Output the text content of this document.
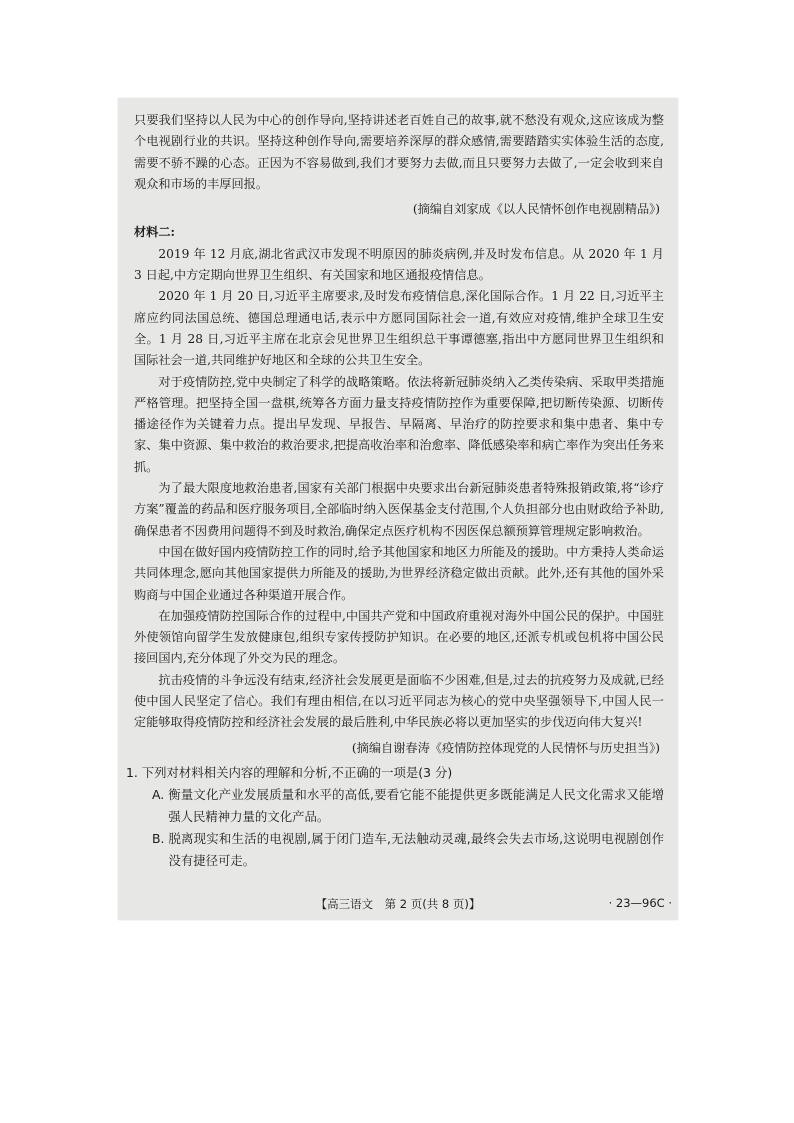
只要我们坚持以人民为中心的创作导向,坚持讲述老百姓自己的故事,就不愁没有观众,这应该成为整个电视剧行业的共识。坚持这种创作导向,需要培养深厚的群众感情,需要踏踏实实体验生活的态度,需要不骄不躁的心态。正因为不容易做到,我们才要努力去做,而且只要努力去做了,一定会收到来自观众和市场的丰厚回报。

(摘编自刘家成《以人民情怀创作电视剧精品》)

材料二:

2019 年 12 月底,湖北省武汉市发现不明原因的肺炎病例,并及时发布信息。从 2020 年 1 月 3 日起,中方定期向世界卫生组织、有关国家和地区通报疫情信息。

2020 年 1 月 20 日,习近平主席要求,及时发布疫情信息,深化国际合作。1 月 22 日,习近平主席应约同法国总统、德国总理通电话,表示中方愿同国际社会一道,有效应对疫情,维护全球卫生安全。1 月 28 日,习近平主席在北京会见世界卫生组织总干事谭德塞,指出中方愿同世界卫生组织和国际社会一道,共同维护好地区和全球的公共卫生安全。

对于疫情防控,党中央制定了科学的战略策略。依法将新冠肺炎纳入乙类传染病、采取甲类措施严格管理。把坚持全国一盘棋,统筹各方面力量支持疫情防控作为重要保障,把切断传染源、切断传播途径作为关键着力点。提出早发现、早报告、早隔离、早治疗的防控要求和集中患者、集中专家、集中资源、集中救治的救治要求,把提高收治率和治愈率、降低感染率和病亡率作为突出任务来抓。

为了最大限度地救治患者,国家有关部门根据中央要求出台新冠肺炎患者特殊报销政策,将“诊疗方案”覆盖的药品和医疗服务项目,全部临时纳入医保基金支付范围,个人负担部分也由财政给予补助,确保患者不因费用问题得不到及时救治,确保定点医疗机构不因医保总额预算管理规定影响救治。

中国在做好国内疫情防控工作的同时,给予其他国家和地区力所能及的援助。中方秉持人类命运共同体理念,愿向其他国家提供力所能及的援助,为世界经济稳定做出贡献。此外,还有其他的国外采购商与中国企业通过各种渠道开展合作。

在加强疫情防控国际合作的过程中,中国共产党和中国政府重视对海外中国公民的保护。中国驻外使领馆向留学生发放健康包,组织专家传授防护知识。在必要的地区,还派专机或包机将中国公民接回国内,充分体现了外交为民的理念。

抗击疫情的斗争远没有结束,经济社会发展更是面临不少困难,但是,过去的抗疫努力及成就,已经使中国人民坚定了信心。我们有理由相信,在以习近平同志为核心的党中央坚强领导下,中国人民一定能够取得疫情防控和经济社会发展的最后胜利,中华民族必将以更加坚实的步伐迈向伟大复兴!

(摘编自谢春涛《疫情防控体现党的人民情怀与历史担当》)

1. 下列对材料相关内容的理解和分析,不正确的一项是(3 分)

A. 衡量文化产业发展质量和水平的高低,要看它能不能提供更多既能满足人民文化需求又能增强人民精神力量的文化产品。
B. 脱离现实和生活的电视剧,属于闭门造车,无法触动灵魂,最终会失去市场,这说明电视剧创作没有捷径可走。
【高三语文　第 2 页(共 8 页)】	· 23—96C ·
